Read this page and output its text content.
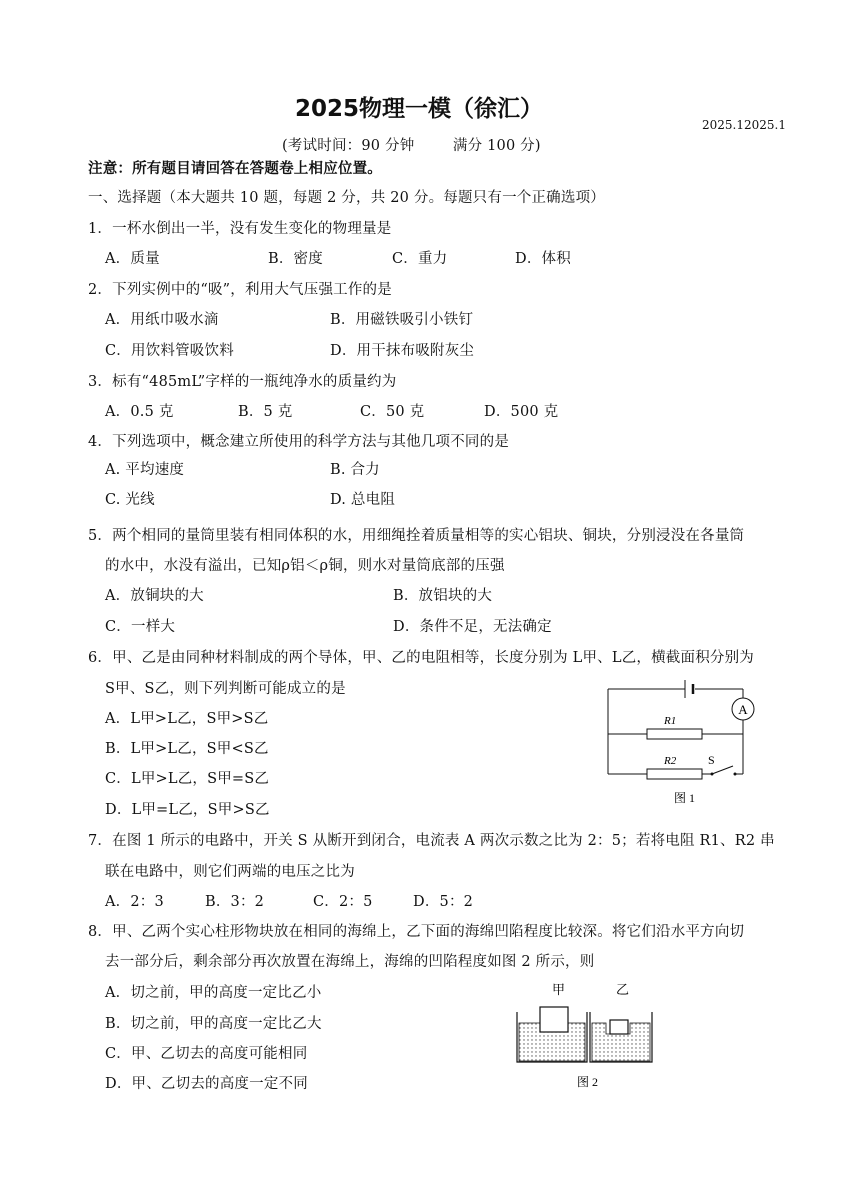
2025物理一模（徐汇）
2025.12025.1
(考试时间：90 分钟        满分 100 分)
注意：所有题目请回答在答题卷上相应位置。
一、选择题（本大题共 10 题，每题 2 分，共 20 分。每题只有一个正确选项）
1．一杯水倒出一半，没有发生变化的物理量是
A．质量	B．密度	C．重力	D．体积
2．下列实例中的“吸”，利用大气压强工作的是
A．用纸巾吸水滴	B．用磁铁吸引小铁钉
C．用饮料管吸饮料	D．用干抹布吸附灰尘
3．标有“485mL”字样的一瓶纯净水的质量约为
A．0.5 克	B．5 克	C．50 克	D．500 克
4．下列选项中，概念建立所使用的科学方法与其他几项不同的是
A. 平均速度	B. 合力
C. 光线	D. 总电阻
5．两个相同的量筒里装有相同体积的水，用细绳拴着质量相等的实心铝块、铜块，分别浸没在各量筒
的水中，水没有溢出，已知ρ铝＜ρ铜，则水对量筒底部的压强
A．放铜块的大	B．放铝块的大
C．一样大	D．条件不足，无法确定
6．甲、乙是由同种材料制成的两个导体，甲、乙的电阻相等，长度分别为 L甲、L乙，横截面积分别为
S甲、S乙，则下列判断可能成立的是
A．L甲>L乙，S甲>S乙
B．L甲>L乙，S甲<S乙
C．L甲>L乙，S甲=S乙
D．L甲=L乙，S甲>S乙
A
R1
R2	S
图 1
7．在图 1 所示的电路中，开关 S 从断开到闭合，电流表 A 两次示数之比为 2：5；若将电阻 R1、R2 串
联在电路中，则它们两端的电压之比为
A．2：3	B．3：2	C．2：5	D．5：2
8．甲、乙两个实心柱形物块放在相同的海绵上，乙下面的海绵凹陷程度比较深。将它们沿水平方向切
去一部分后，剩余部分再次放置在海绵上，海绵的凹陷程度如图 2 所示，则
A．切之前，甲的高度一定比乙小
B．切之前，甲的高度一定比乙大
C．甲、乙切去的高度可能相同
D．甲、乙切去的高度一定不同
甲	乙
图 2
